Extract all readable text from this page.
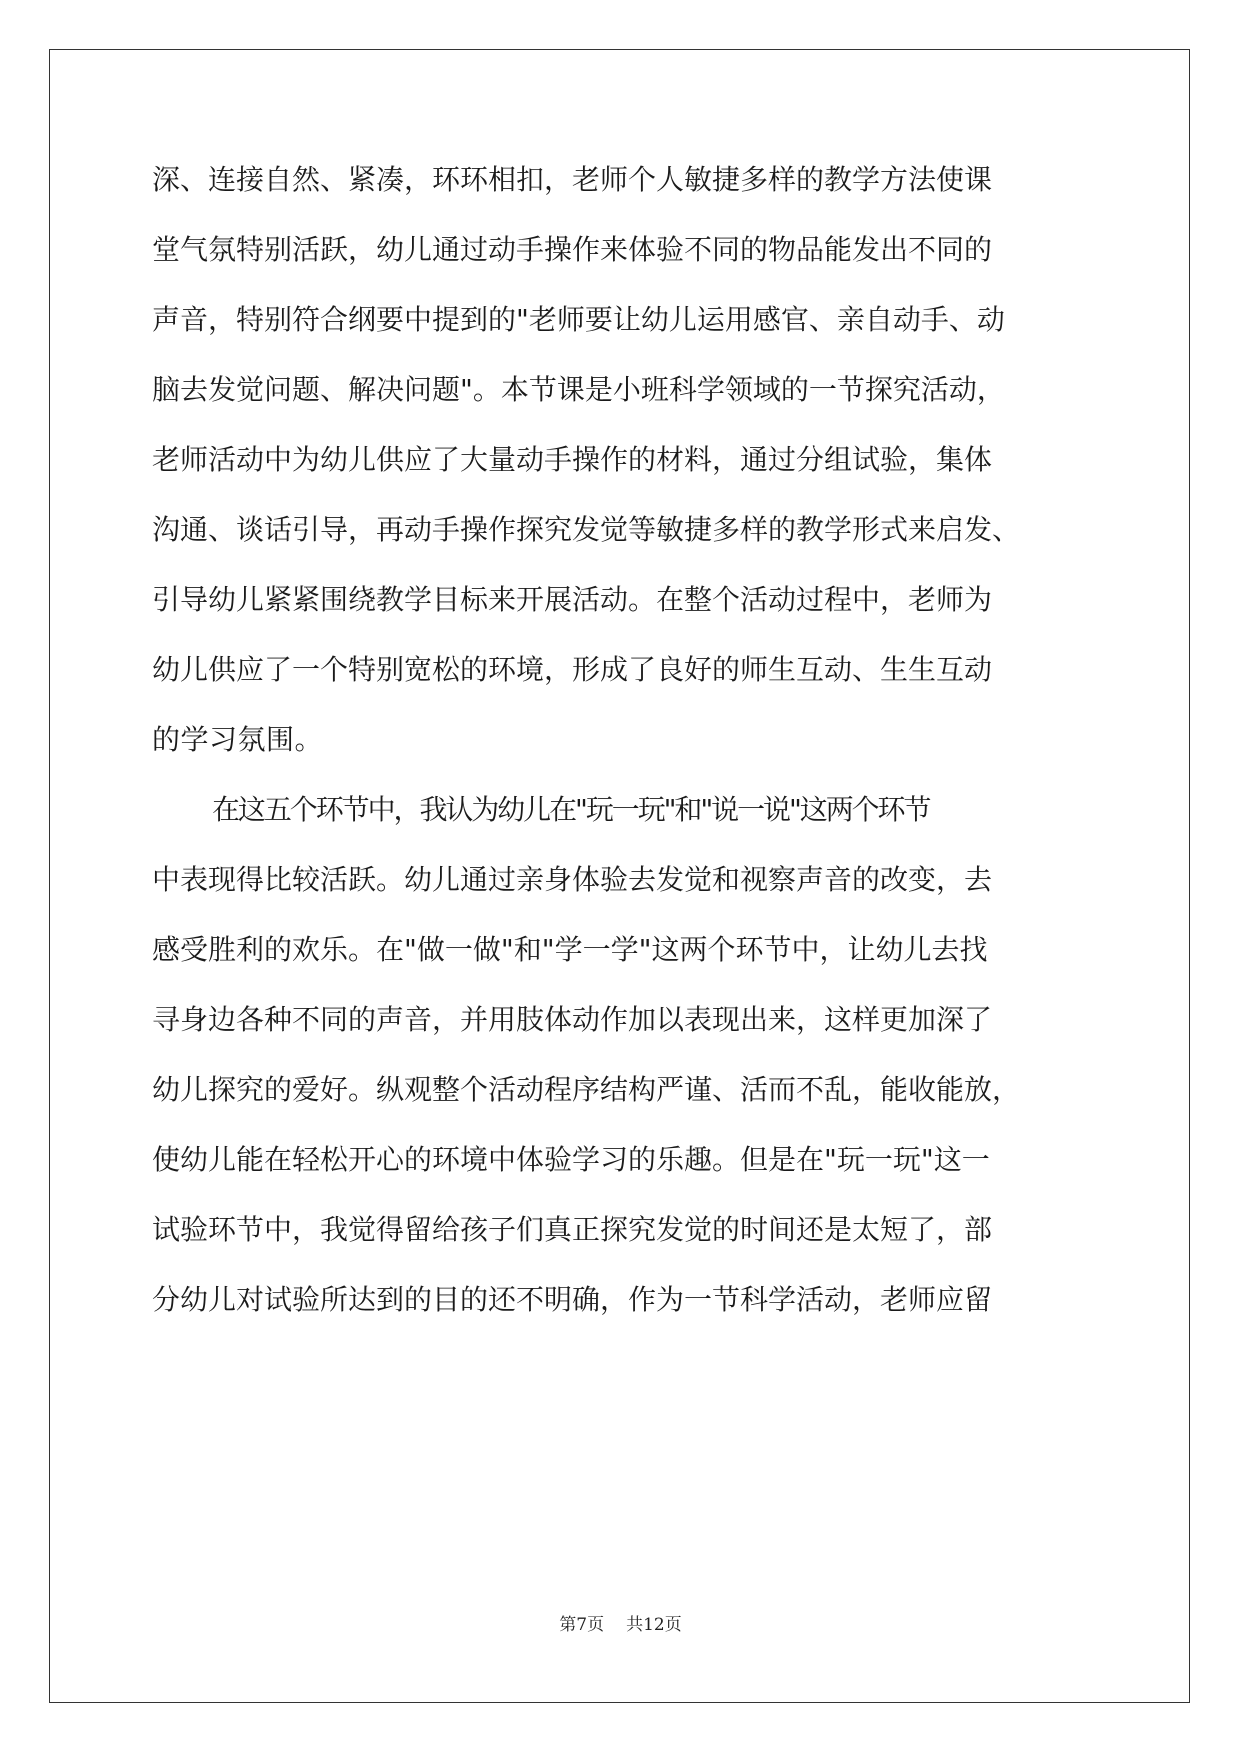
深、连接自然、紧凑，环环相扣，老师个人敏捷多样的教学方法使课
堂气氛特别活跃，幼儿通过动手操作来体验不同的物品能发出不同的
声音，特别符合纲要中提到的"老师要让幼儿运用感官、亲自动手、动
脑去发觉问题、解决问题"。本节课是小班科学领域的一节探究活动，
老师活动中为幼儿供应了大量动手操作的材料，通过分组试验，集体
沟通、谈话引导，再动手操作探究发觉等敏捷多样的教学形式来启发、
引导幼儿紧紧围绕教学目标来开展活动。在整个活动过程中，老师为
幼儿供应了一个特别宽松的环境，形成了良好的师生互动、生生互动
的学习氛围。
在这五个环节中，我认为幼儿在"玩一玩"和"说一说"这两个环节
中表现得比较活跃。幼儿通过亲身体验去发觉和视察声音的改变，去
感受胜利的欢乐。在"做一做"和"学一学"这两个环节中，让幼儿去找
寻身边各种不同的声音，并用肢体动作加以表现出来，这样更加深了
幼儿探究的爱好。纵观整个活动程序结构严谨、活而不乱，能收能放，
使幼儿能在轻松开心的环境中体验学习的乐趣。但是在"玩一玩"这一
试验环节中，我觉得留给孩子们真正探究发觉的时间还是太短了，部
分幼儿对试验所达到的目的还不明确，作为一节科学活动，老师应留
第7页 共12页
